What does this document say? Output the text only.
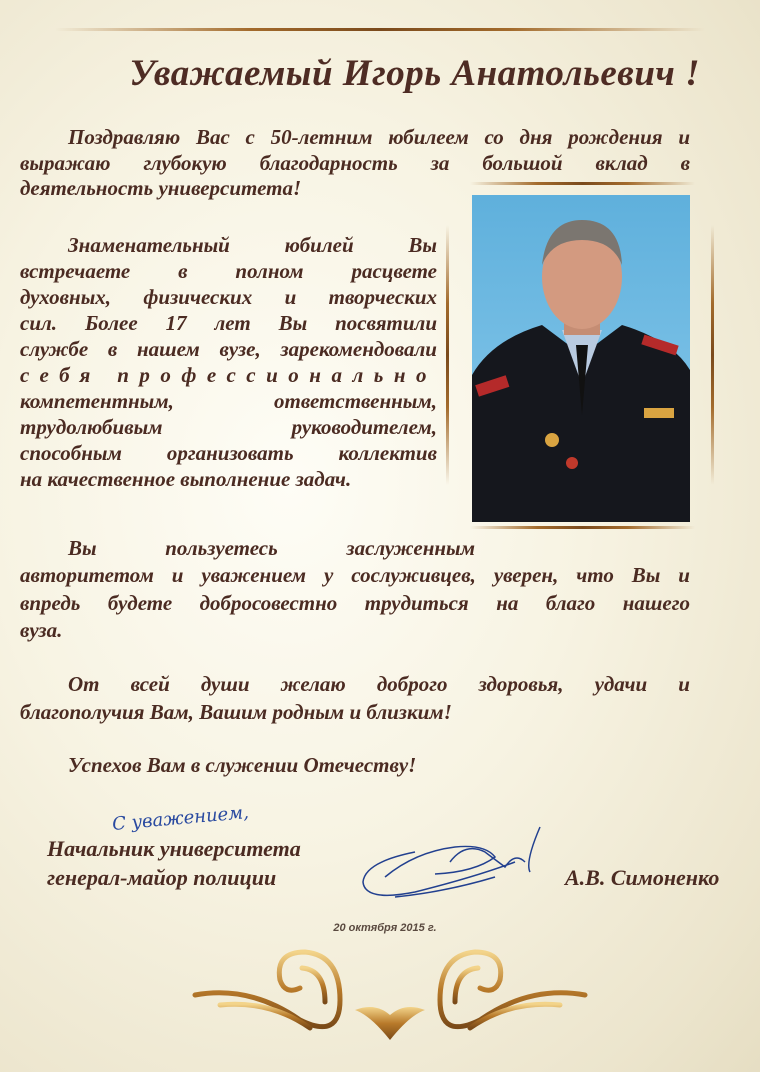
Уважаемый Игорь Анатольевич !
Поздравляю Вас с 50-летним юбилеем со дня рождения и
выражаю глубокую благодарность за большой вклад в
деятельность университета!
Знаменательный юбилей Вы
встречаете в полном расцвете
духовных, физических и творческих
сил. Более 17 лет Вы посвятили
службе в нашем вузе, зарекомендовали
себя профессионально
компетентным, ответственным,
трудолюбивым руководителем,
способным организовать коллектив
на качественное выполнение задач.
Вы пользуетесь заслуженным
авторитетом и уважением у сослуживцев, уверен, что Вы и
впредь будете добросовестно трудиться на благо нашего
вуза.
От всей души желаю доброго здоровья, удачи и
благополучия Вам, Вашим родным и близким!
Успехов Вам в служении Отечеству!
С уважением,
Начальник университета
генерал-майор полиции	А.В. Симоненко
20 октября 2015 г.
